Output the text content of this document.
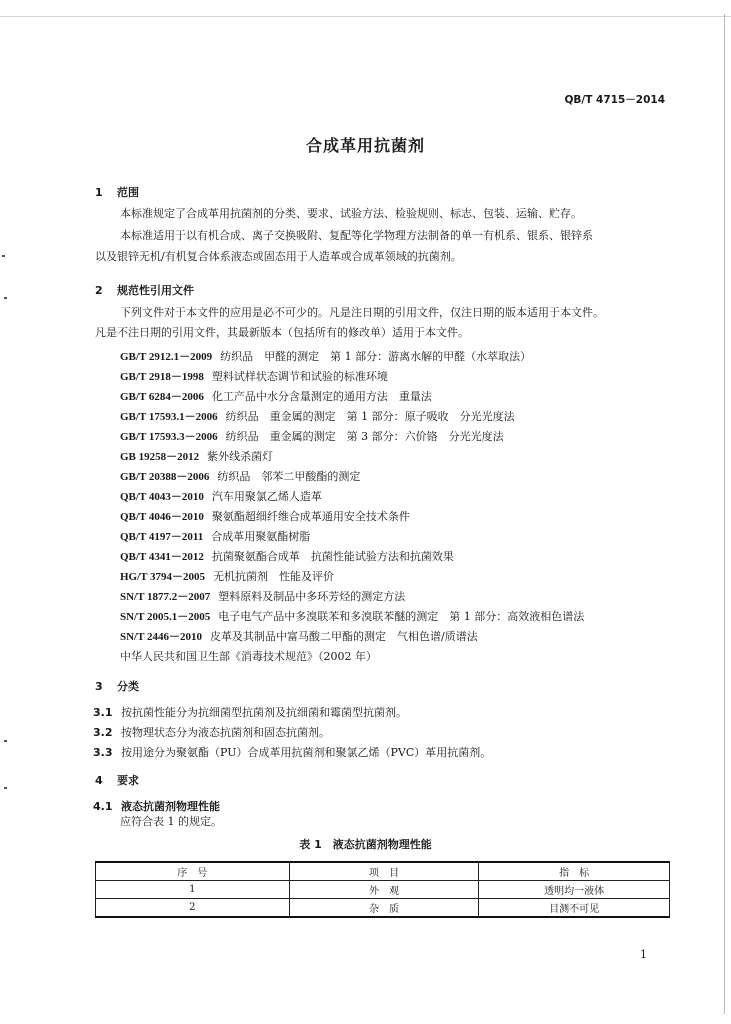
QB/T 4715－2014
合成革用抗菌剂
1 范围
本标准规定了合成革用抗菌剂的分类、要求、试验方法、检验规则、标志、包装、运输、贮存。
本标准适用于以有机合成、离子交换吸附、复配等化学物理方法制备的单一有机系、银系、银锌系
以及银锌无机/有机复合体系液态或固态用于人造革或合成革领域的抗菌剂。
2 规范性引用文件
下列文件对于本文件的应用是必不可少的。凡是注日期的引用文件，仅注日期的版本适用于本文件。
凡是不注日期的引用文件，其最新版本（包括所有的修改单）适用于本文件。
GB/T 2912.1－2009 纺织品　甲醛的测定　第 1 部分：游离水解的甲醛（水萃取法）
GB/T 2918－1998 塑料试样状态调节和试验的标准环境
GB/T 6284－2006 化工产品中水分含量测定的通用方法　重量法
GB/T 17593.1－2006 纺织品　重金属的测定　第 1 部分：原子吸收　分光光度法
GB/T 17593.3－2006 纺织品　重金属的测定　第 3 部分：六价铬　分光光度法
GB 19258－2012 紫外线杀菌灯
GB/T 20388－2006 纺织品　邻苯二甲酸酯的测定
QB/T 4043－2010 汽车用聚氯乙烯人造革
QB/T 4046－2010 聚氨酯超细纤维合成革通用安全技术条件
QB/T 4197－2011 合成革用聚氨酯树脂
QB/T 4341－2012 抗菌聚氨酯合成革　抗菌性能试验方法和抗菌效果
HG/T 3794－2005 无机抗菌剂　性能及评价
SN/T 1877.2－2007 塑料原料及制品中多环芳烃的测定方法
SN/T 2005.1－2005 电子电气产品中多溴联苯和多溴联苯醚的测定　第 1 部分：高效液相色谱法
SN/T 2446－2010 皮革及其制品中富马酸二甲酯的测定　气相色谱/质谱法
中华人民共和国卫生部《消毒技术规范》（2002 年）
3 分类
3.1 按抗菌性能分为抗细菌型抗菌剂及抗细菌和霉菌型抗菌剂。
3.2 按物理状态分为液态抗菌剂和固态抗菌剂。
3.3 按用途分为聚氨酯（PU）合成革用抗菌剂和聚氯乙烯（PVC）革用抗菌剂。
4 要求
4.1 液态抗菌剂物理性能
应符合表 1 的规定。
表 1　液态抗菌剂物理性能
序　号	项　目	指　标
1	外　观	透明均一液体
2	杂　质	目测不可见
1
